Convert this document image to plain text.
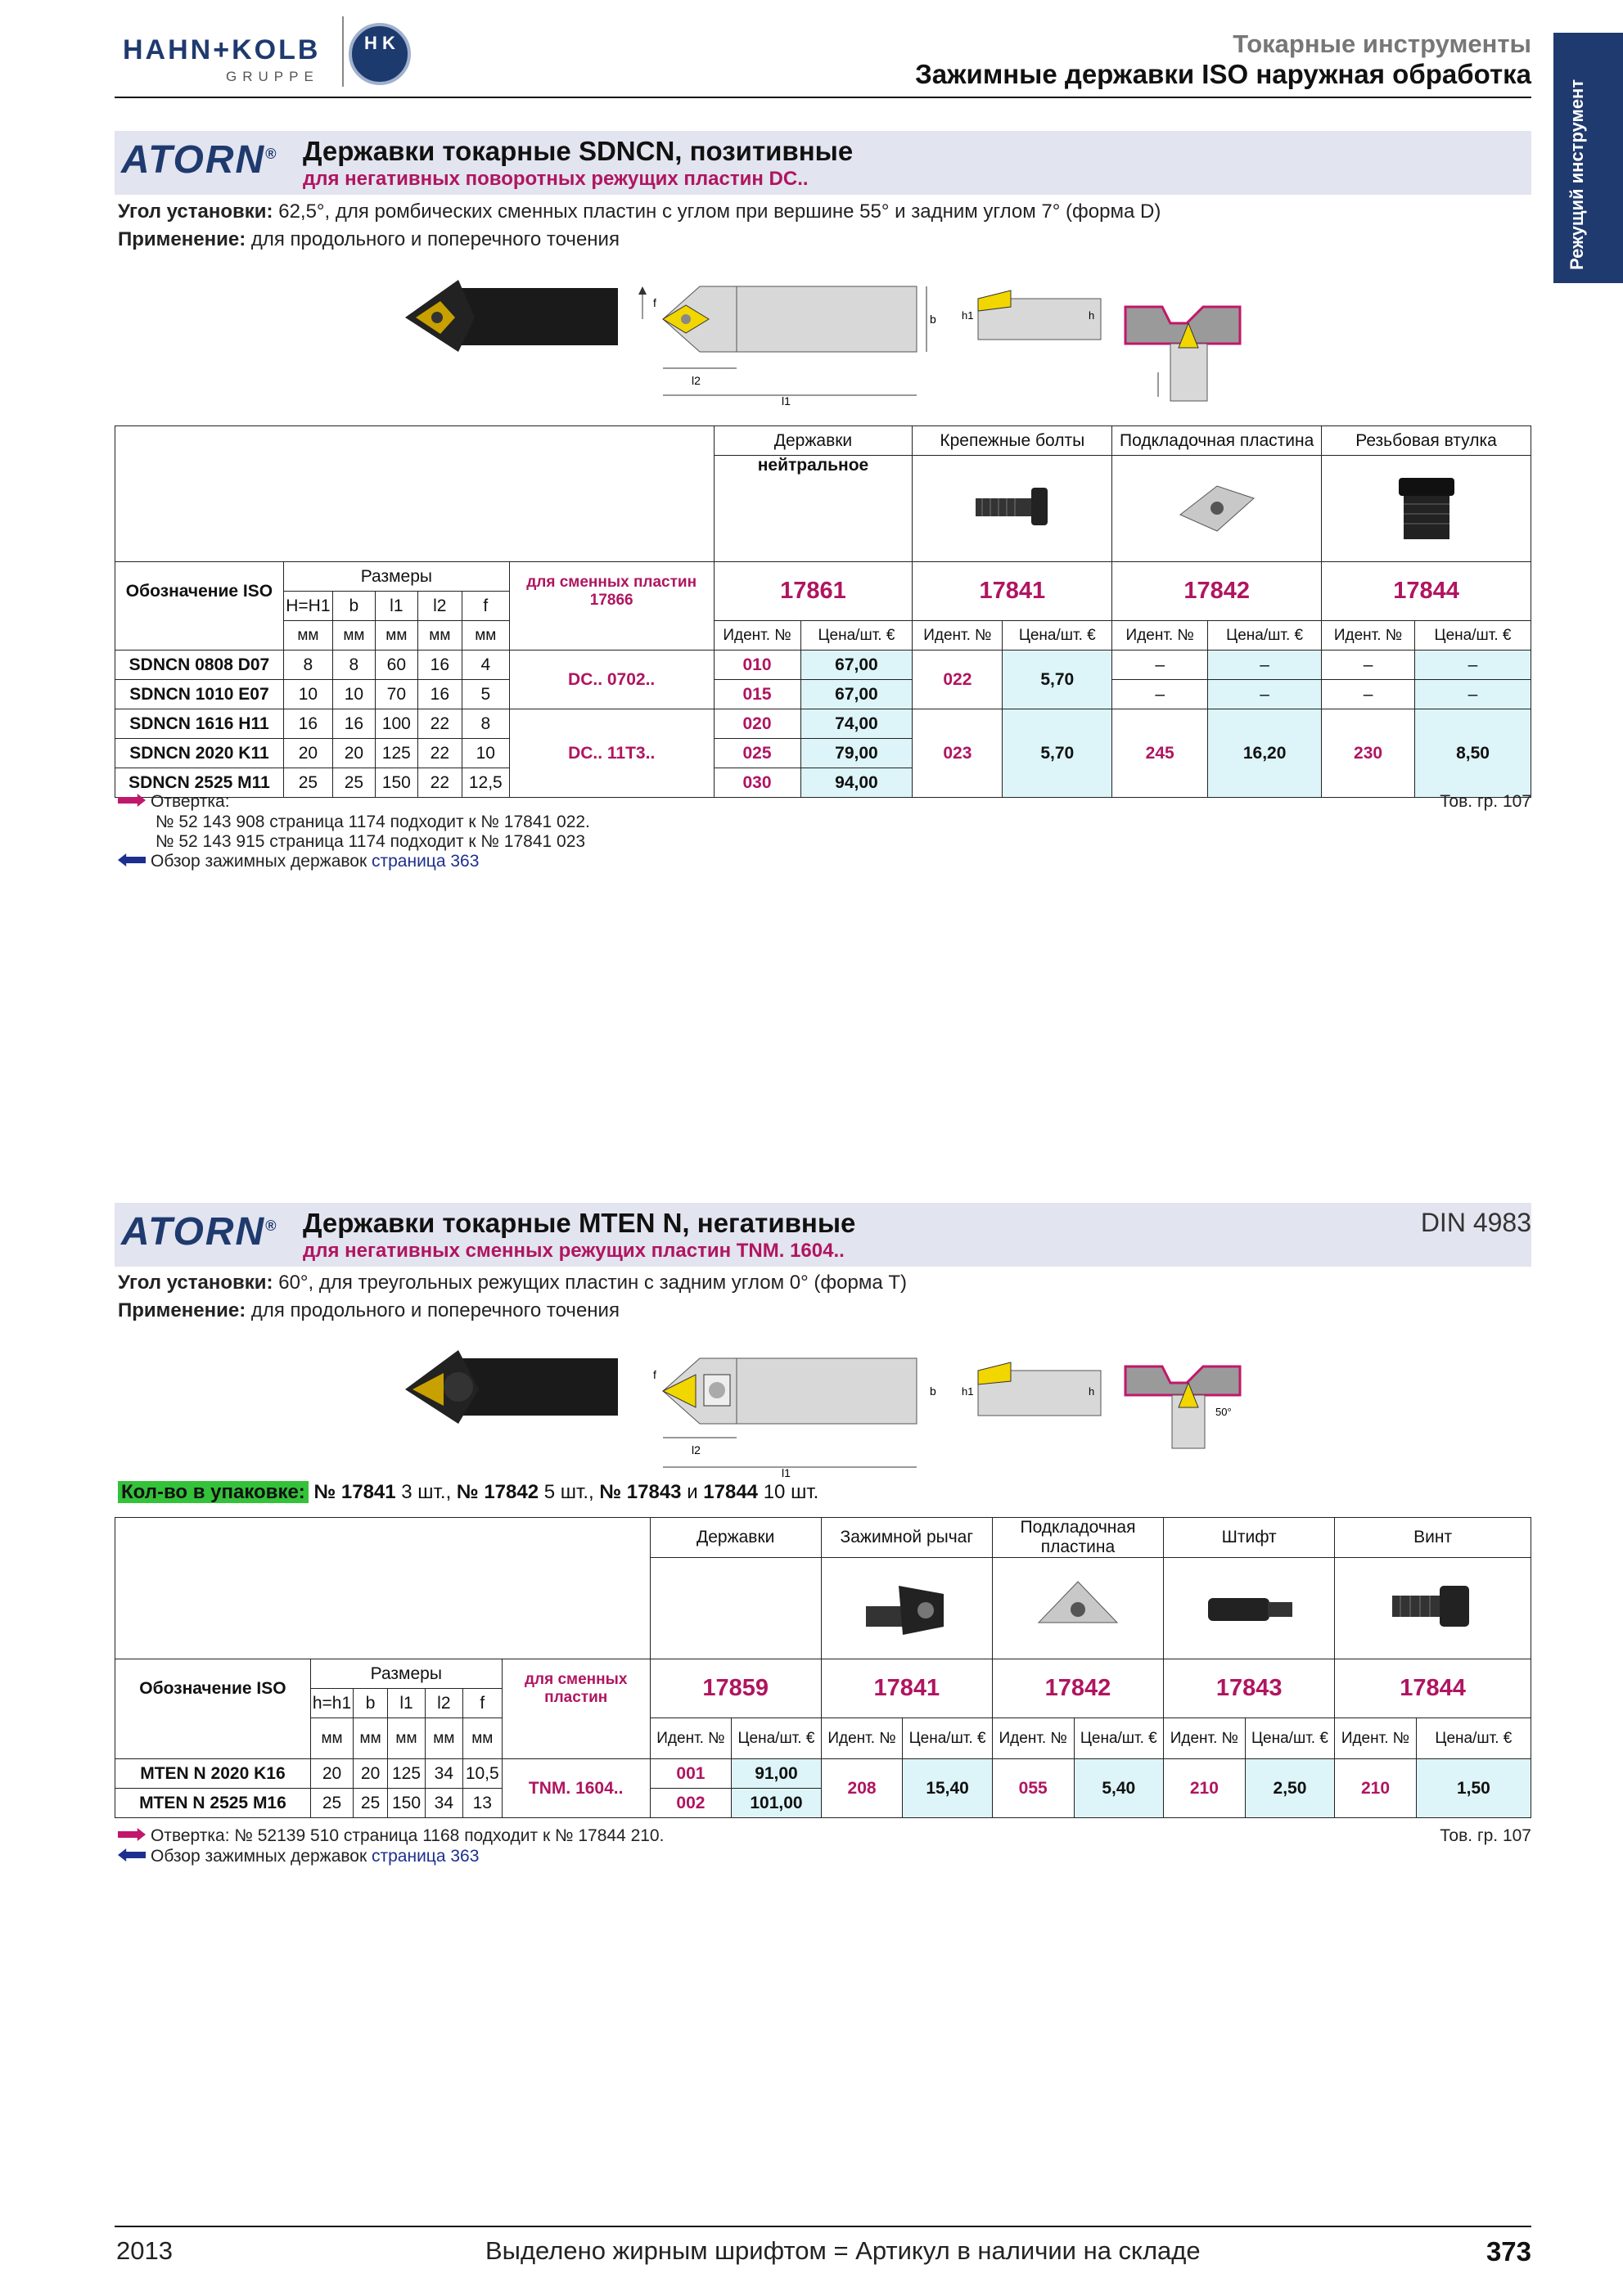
HAHN+KOLB
GRUPPE
H K	Токарные инструменты
Зажимные державки ISO наружная обработка
Режущий инструмент
ATORN® Державки токарные SDNCN, позитивные
для негативных поворотных режущих пластин DC..
Угол установки: 62,5°, для ромбических сменных пластин с углом при вершине 55° и задним углом 7° (форма D)
Применение: для продольного и поперечного точения
f
l2
l1
b h1	h
							Державки		Крепежные болты		Подкладочная пластина		Резьбовая втулка	
							нейтральное			
Обозначение ISO	Размеры					для сменных пластин
17866	17861		17841		17842		17844	
	H=H1	b	l1	l2	f									
	мм	мм	мм	мм	мм		Идент. №	Цена/шт. €	Идент. №	Цена/шт. €	Идент. №	Цена/шт. €	Идент. №	Цена/шт. €
SDNCN 0808 D07	8	8	60	16	4	DC.. 0702..	010	67,00	022	5,70	–	–	–	–
SDNCN 1010 E07	10	10	70	16	5		015	67,00			–	–	–	–
SDNCN 1616 H11	16	16	100	22	8	DC.. 11T3..	020	74,00	023	5,70	245	16,20	230	8,50
SDNCN 2020 K11	20	20	125	22	10		025	79,00						
SDNCN 2525 M11	25	25	150	22	12,5		030	94,00						
Отвертка:
№ 52 143 908 страница 1174 подходит к № 17841 022.
№ 52 143 915 страница 1174 подходит к № 17841 023
Обзор зажимных державок страница 363
Тов. гр. 107
ATORN® Державки токарные MTEN N, негативные
для негативных сменных режущих пластин TNM. 1604..
DIN 4983
Угол установки: 60°, для треугольных режущих пластин с задним углом 0° (форма T)
Применение: для продольного и поперечного точения
f
l2
l1
b h1	h
50°
Кол-во в упаковке: № 17841 3 шт., № 17842 5 шт., № 17843 и 17844 10 шт.
							Державки		Зажимной рычаг		Подкладочная пластина		Штифт		Винт	

Обозначение ISO	Размеры					для сменных пластин	17859		17841		17842		17843		17844	
	h=h1	b	l1	l2	f											
	мм	мм	мм	мм	мм		Идент. №	Цена/шт. €	Идент. №	Цена/шт. €	Идент. №	Цена/шт. €	Идент. №	Цена/шт. €	Идент. №	Цена/шт. €
MTEN N 2020 K16	20	20	125	34	10,5	TNM. 1604..	001	91,00	208	15,40	055	5,40	210	2,50	210	1,50
MTEN N 2525 M16	25	25	150	34	13		002	101,00								
Отвертка: № 52139 510 страница 1168 подходит к № 17844 210.
Обзор зажимных державок страница 363
Тов. гр. 107
2013	Выделено жирным шрифтом = Артикул в наличии на складе	373
